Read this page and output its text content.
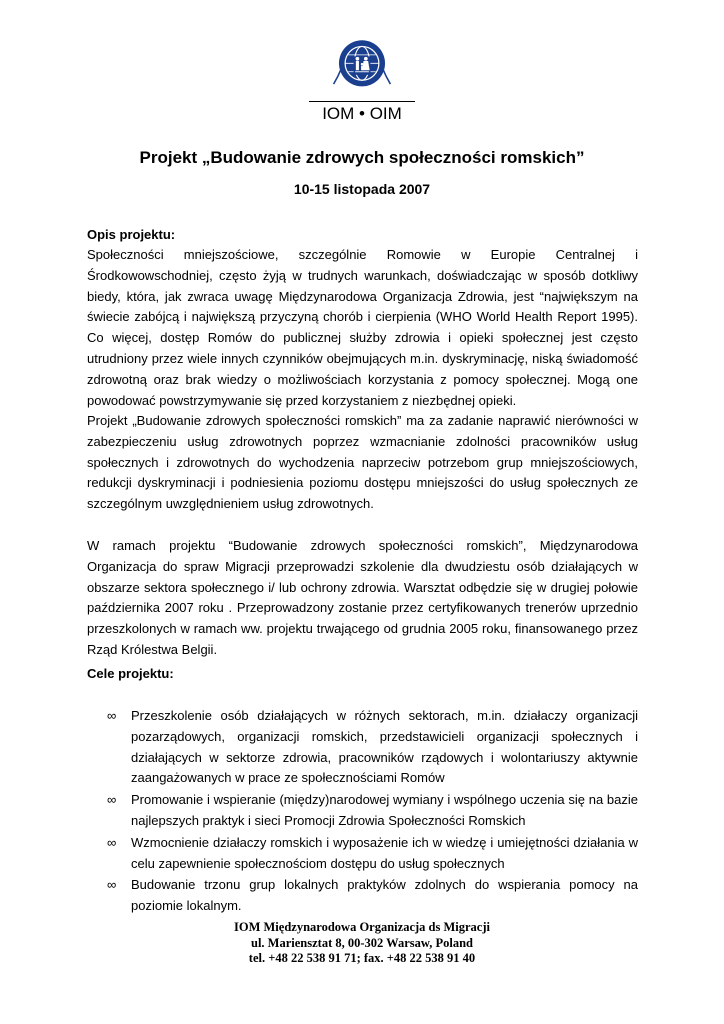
IOM • OIM
Projekt „Budowanie zdrowych społeczności romskich”
10-15 listopada 2007
Opis projektu:

Społeczności mniejszościowe, szczególnie Romowie w Europie Centralnej i Środkowowschodniej, często żyją w trudnych warunkach, doświadczając w sposób dotkliwy biedy, która, jak zwraca uwagę Międzynarodowa Organizacja Zdrowia, jest “największym na świecie zabójcą i największą przyczyną chorób i cierpienia (WHO World Health Report 1995). Co więcej, dostęp Romów do publicznej służby zdrowia i opieki społecznej jest często utrudniony przez wiele innych czynników obejmujących m.in. dyskryminację, niską świadomość zdrowotną oraz brak wiedzy o możliwościach korzystania z pomocy społecznej. Mogą one powodować powstrzymywanie się przed korzystaniem z niezbędnej opieki.

Projekt „Budowanie zdrowych społeczności romskich” ma za zadanie naprawić nierówności w zabezpieczeniu usług zdrowotnych poprzez wzmacnianie zdolności pracowników usług społecznych i zdrowotnych do wychodzenia naprzeciw potrzebom grup mniejszościowych, redukcji dyskryminacji i podniesienia poziomu dostępu mniejszości do usług społecznych ze szczególnym uwzględnieniem usług zdrowotnych.

W ramach projektu “Budowanie zdrowych społeczności romskich”, Międzynarodowa Organizacja do spraw Migracji przeprowadzi szkolenie dla dwudziestu osób działających w obszarze sektora społecznego i/ lub ochrony zdrowia. Warsztat odbędzie się w drugiej połowie października 2007 roku . Przeprowadzony zostanie przez certyfikowanych trenerów uprzednio przeszkolonych w ramach ww. projektu trwającego od grudnia 2005 roku, finansowanego przez Rząd Królestwa Belgii.

Cele projektu:
∞ Przeszkolenie osób działających w różnych sektorach, m.in. działaczy organizacji pozarządowych, organizacji romskich, przedstawicieli organizacji społecznych i działających w sektorze zdrowia, pracowników rządowych i wolontariuszy aktywnie zaangażowanych w prace ze społecznościami Romów
∞ Promowanie i wspieranie (między)narodowej wymiany i wspólnego uczenia się na bazie najlepszych praktyk i sieci Promocji Zdrowia Społeczności Romskich
∞ Wzmocnienie działaczy romskich i wyposażenie ich w wiedzę i umiejętności działania w celu zapewnienie społecznościom dostępu do usług społecznych
∞ Budowanie trzonu grup lokalnych praktyków zdolnych do wspierania pomocy na poziomie lokalnym.
IOM Międzynarodowa Organizacja ds Migracji
ul. Mariensztat 8, 00-302 Warsaw, Poland
tel. +48 22 538 91 71; fax. +48 22 538 91 40
